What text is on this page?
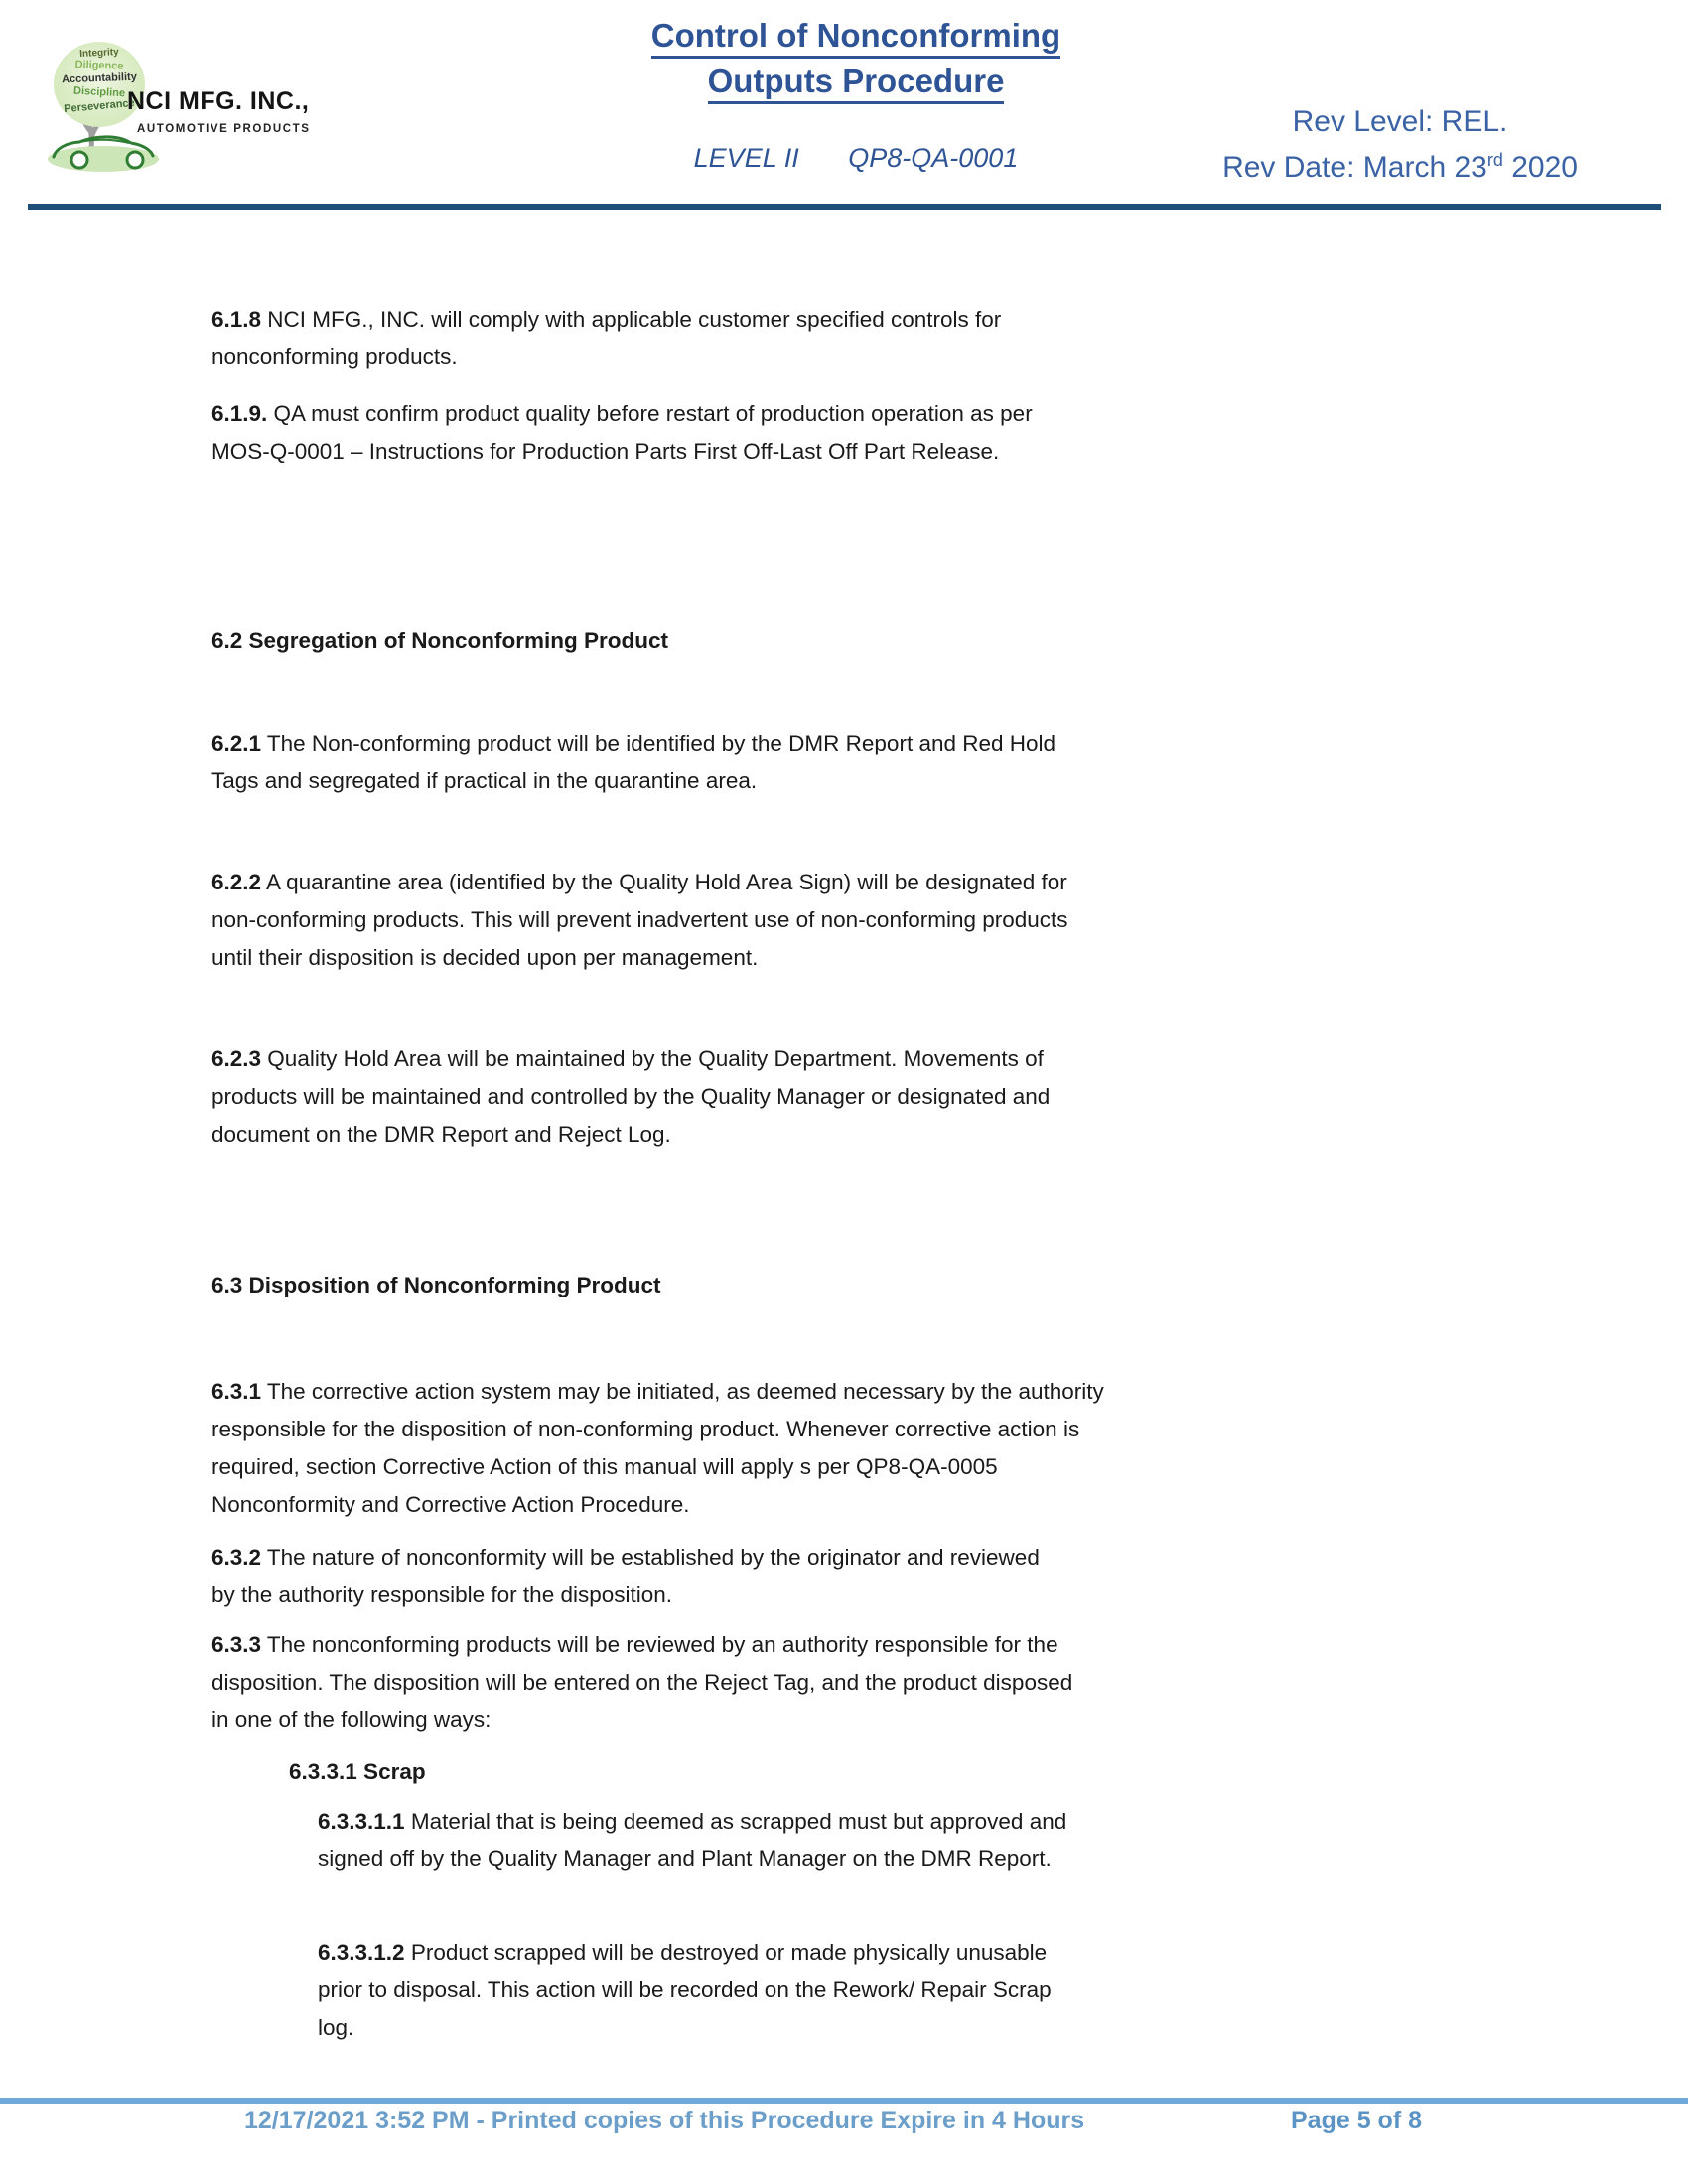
Integrity
Diligence
Accountability
Discipline
Perseverance
NCI MFG. INC.,
AUTOMOTIVE PRODUCTS
Control of Nonconforming
Outputs Procedure
LEVEL II QP8-QA-0001
Rev Level: REL.
Rev Date: March 23rd 2020
6.1.8 NCI MFG., INC. will comply with applicable customer specified controls for nonconforming products.
6.1.9. QA must confirm product quality before restart of production operation as per MOS-Q-0001 – Instructions for Production Parts First Off-Last Off Part Release.
6.2 Segregation of Nonconforming Product
6.2.1 The Non-conforming product will be identified by the DMR Report and Red Hold Tags and segregated if practical in the quarantine area.
6.2.2 A quarantine area (identified by the Quality Hold Area Sign) will be designated for non-conforming products. This will prevent inadvertent use of non-conforming products until their disposition is decided upon per management.
6.2.3 Quality Hold Area will be maintained by the Quality Department. Movements of products will be maintained and controlled by the Quality Manager or designated and document on the DMR Report and Reject Log.
6.3 Disposition of Nonconforming Product
6.3.1 The corrective action system may be initiated, as deemed necessary by the authority responsible for the disposition of non-conforming product. Whenever corrective action is required, section Corrective Action of this manual will apply s per QP8-QA-0005 Nonconformity and Corrective Action Procedure.
6.3.2 The nature of nonconformity will be established by the originator and reviewed by the authority responsible for the disposition.
6.3.3 The nonconforming products will be reviewed by an authority responsible for the disposition. The disposition will be entered on the Reject Tag, and the product disposed in one of the following ways:
6.3.3.1 Scrap
6.3.3.1.1 Material that is being deemed as scrapped must but approved and signed off by the Quality Manager and Plant Manager on the DMR Report.
6.3.3.1.2 Product scrapped will be destroyed or made physically unusable prior to disposal. This action will be recorded on the Rework/ Repair Scrap log.
12/17/2021 3:52 PM - Printed copies of this Procedure Expire in 4 Hours	Page 5 of 8
